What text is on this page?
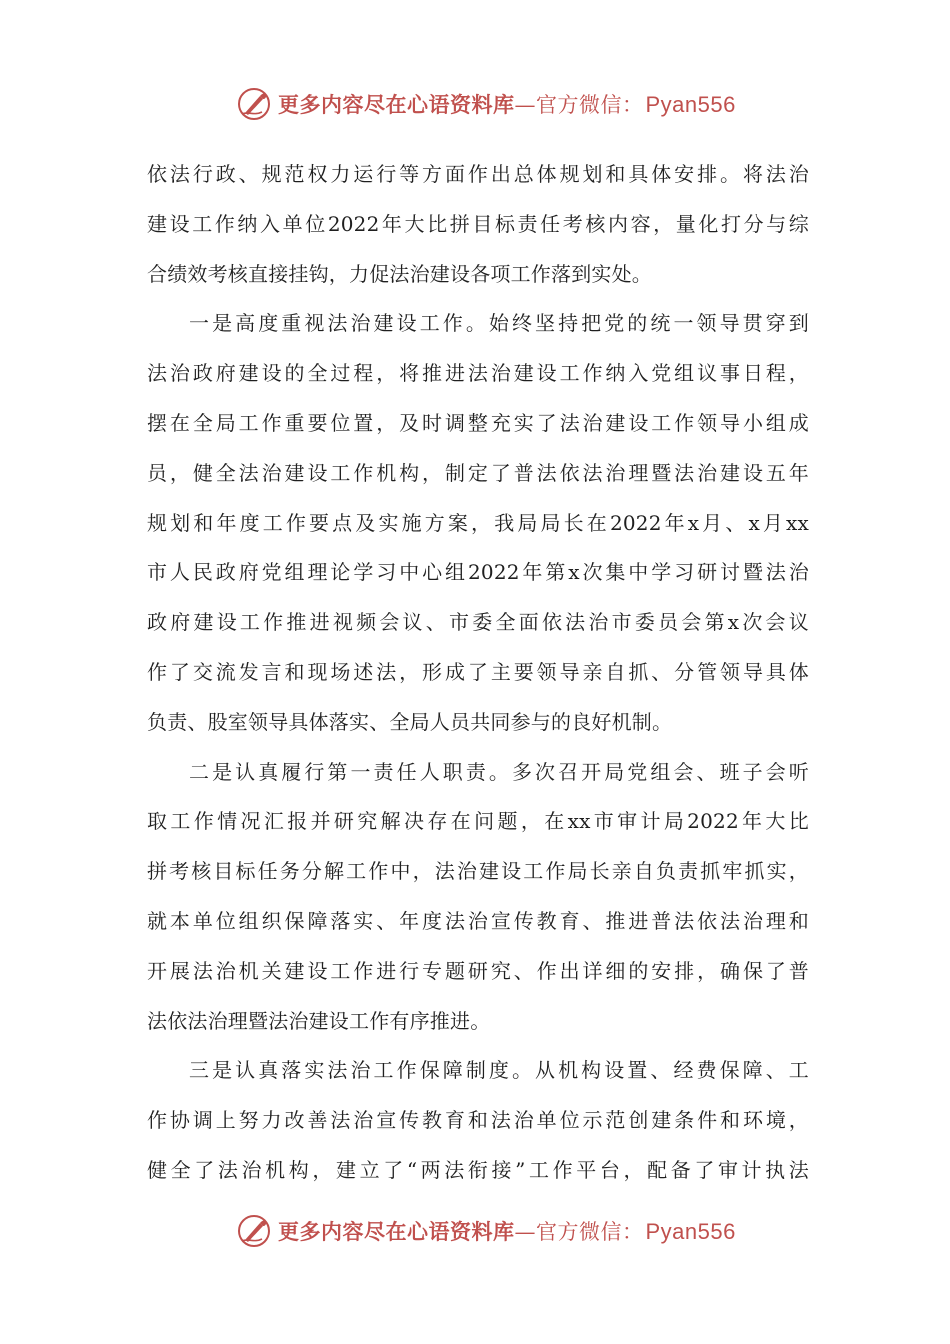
更多内容尽在心语资料库—官方微信：Pyan556
依法行政、规范权力运行等方面作出总体规划和具体安排。将法治
建设工作纳入单位2022年大比拼目标责任考核内容，量化打分与综
合绩效考核直接挂钩，力促法治建设各项工作落到实处。
一是高度重视法治建设工作。始终坚持把党的统一领导贯穿到
法治政府建设的全过程，将推进法治建设工作纳入党组议事日程，
摆在全局工作重要位置，及时调整充实了法治建设工作领导小组成
员，健全法治建设工作机构，制定了普法依法治理暨法治建设五年
规划和年度工作要点及实施方案，我局局长在2022年x月、x月xx
市人民政府党组理论学习中心组2022年第x次集中学习研讨暨法治
政府建设工作推进视频会议、市委全面依法治市委员会第x次会议
作了交流发言和现场述法，形成了主要领导亲自抓、分管领导具体
负责、股室领导具体落实、全局人员共同参与的良好机制。
二是认真履行第一责任人职责。多次召开局党组会、班子会听
取工作情况汇报并研究解决存在问题，在xx市审计局2022年大比
拼考核目标任务分解工作中，法治建设工作局长亲自负责抓牢抓实，
就本单位组织保障落实、年度法治宣传教育、推进普法依法治理和
开展法治机关建设工作进行专题研究、作出详细的安排，确保了普
法依法治理暨法治建设工作有序推进。
三是认真落实法治工作保障制度。从机构设置、经费保障、工
作协调上努力改善法治宣传教育和法治单位示范创建条件和环境，
健全了法治机构，建立了“两法衔接”工作平台，配备了审计执法
更多内容尽在心语资料库—官方微信：Pyan556
